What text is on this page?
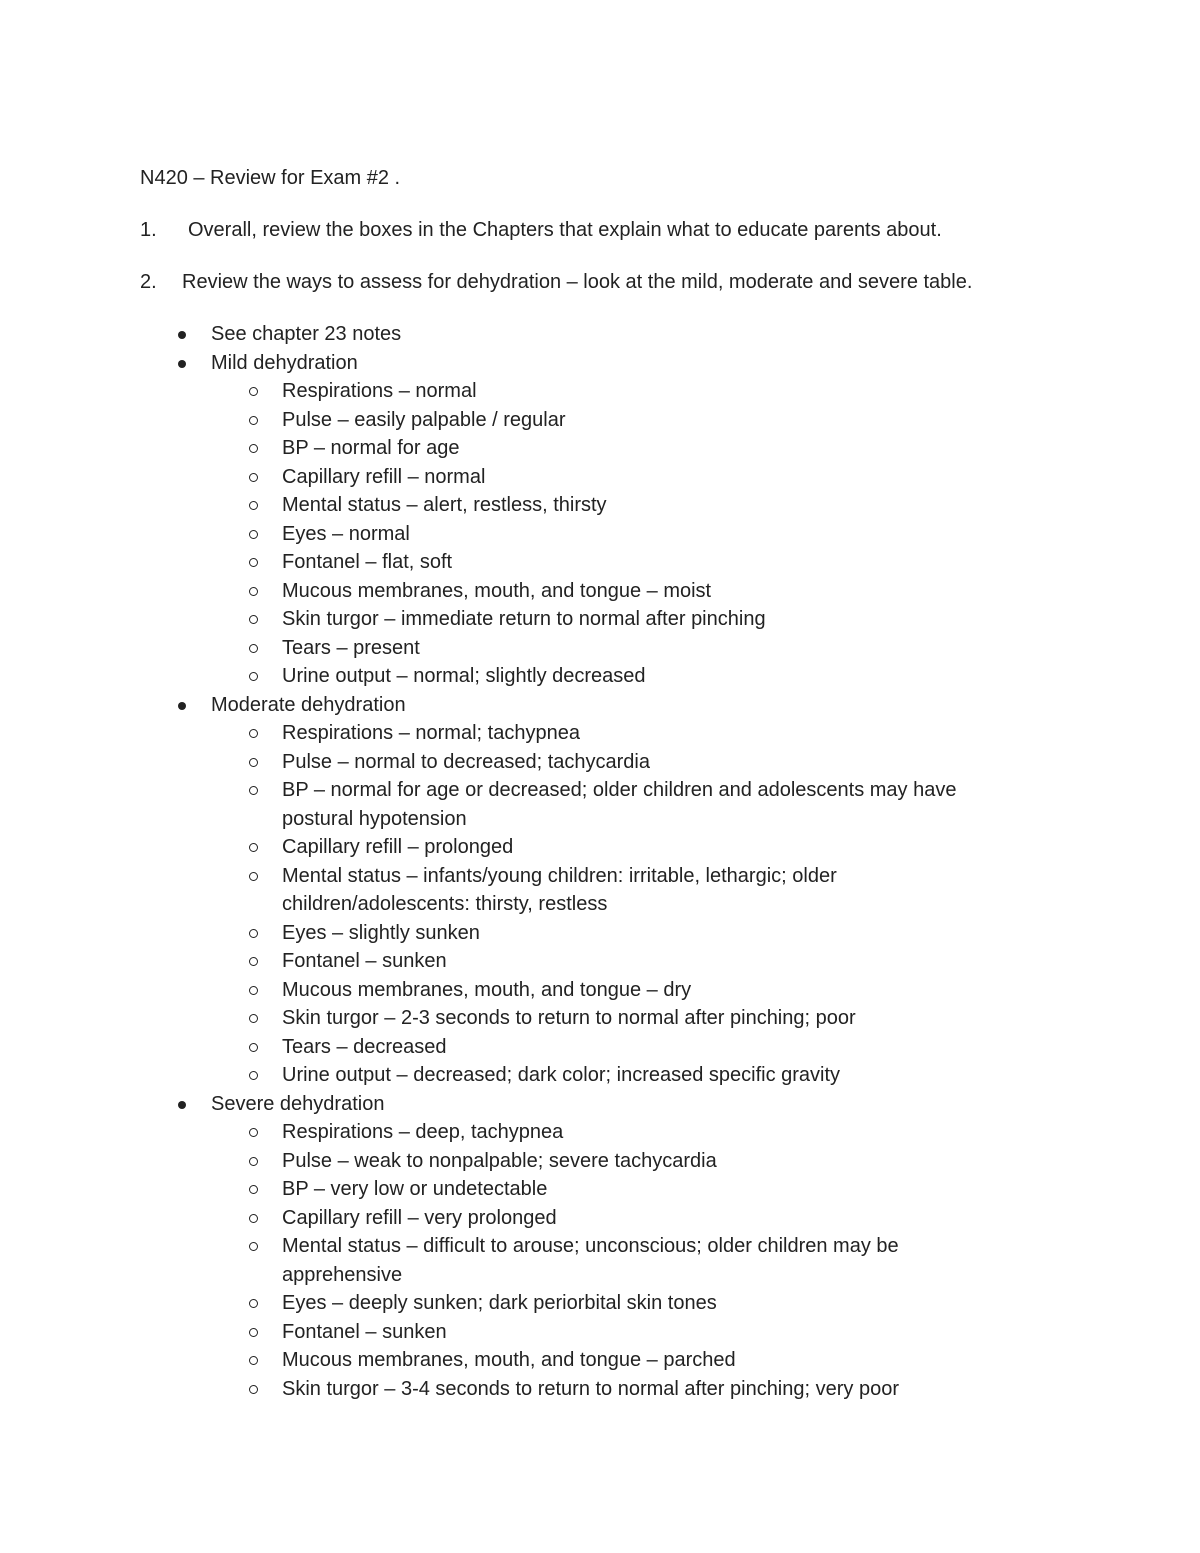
N420 – Review for Exam #2 .
1. Overall, review the boxes in the Chapters that explain what to educate parents about.
2. Review the ways to assess for dehydration – look at the mild, moderate and severe table.
See chapter 23 notes
Mild dehydration
Respirations – normal
Pulse – easily palpable / regular
BP – normal for age
Capillary refill – normal
Mental status – alert, restless, thirsty
Eyes – normal
Fontanel – flat, soft
Mucous membranes, mouth, and tongue – moist
Skin turgor – immediate return to normal after pinching
Tears – present
Urine output – normal; slightly decreased
Moderate dehydration
Respirations – normal; tachypnea
Pulse – normal to decreased; tachycardia
BP – normal for age or decreased; older children and adolescents may have postural hypotension
Capillary refill – prolonged
Mental status – infants/young children: irritable, lethargic; older children/adolescents: thirsty, restless
Eyes – slightly sunken
Fontanel – sunken
Mucous membranes, mouth, and tongue – dry
Skin turgor – 2-3 seconds to return to normal after pinching; poor
Tears – decreased
Urine output – decreased; dark color; increased specific gravity
Severe dehydration
Respirations – deep, tachypnea
Pulse – weak to nonpalpable; severe tachycardia
BP – very low or undetectable
Capillary refill – very prolonged
Mental status – difficult to arouse; unconscious; older children may be apprehensive
Eyes – deeply sunken; dark periorbital skin tones
Fontanel – sunken
Mucous membranes, mouth, and tongue – parched
Skin turgor – 3-4 seconds to return to normal after pinching; very poor
